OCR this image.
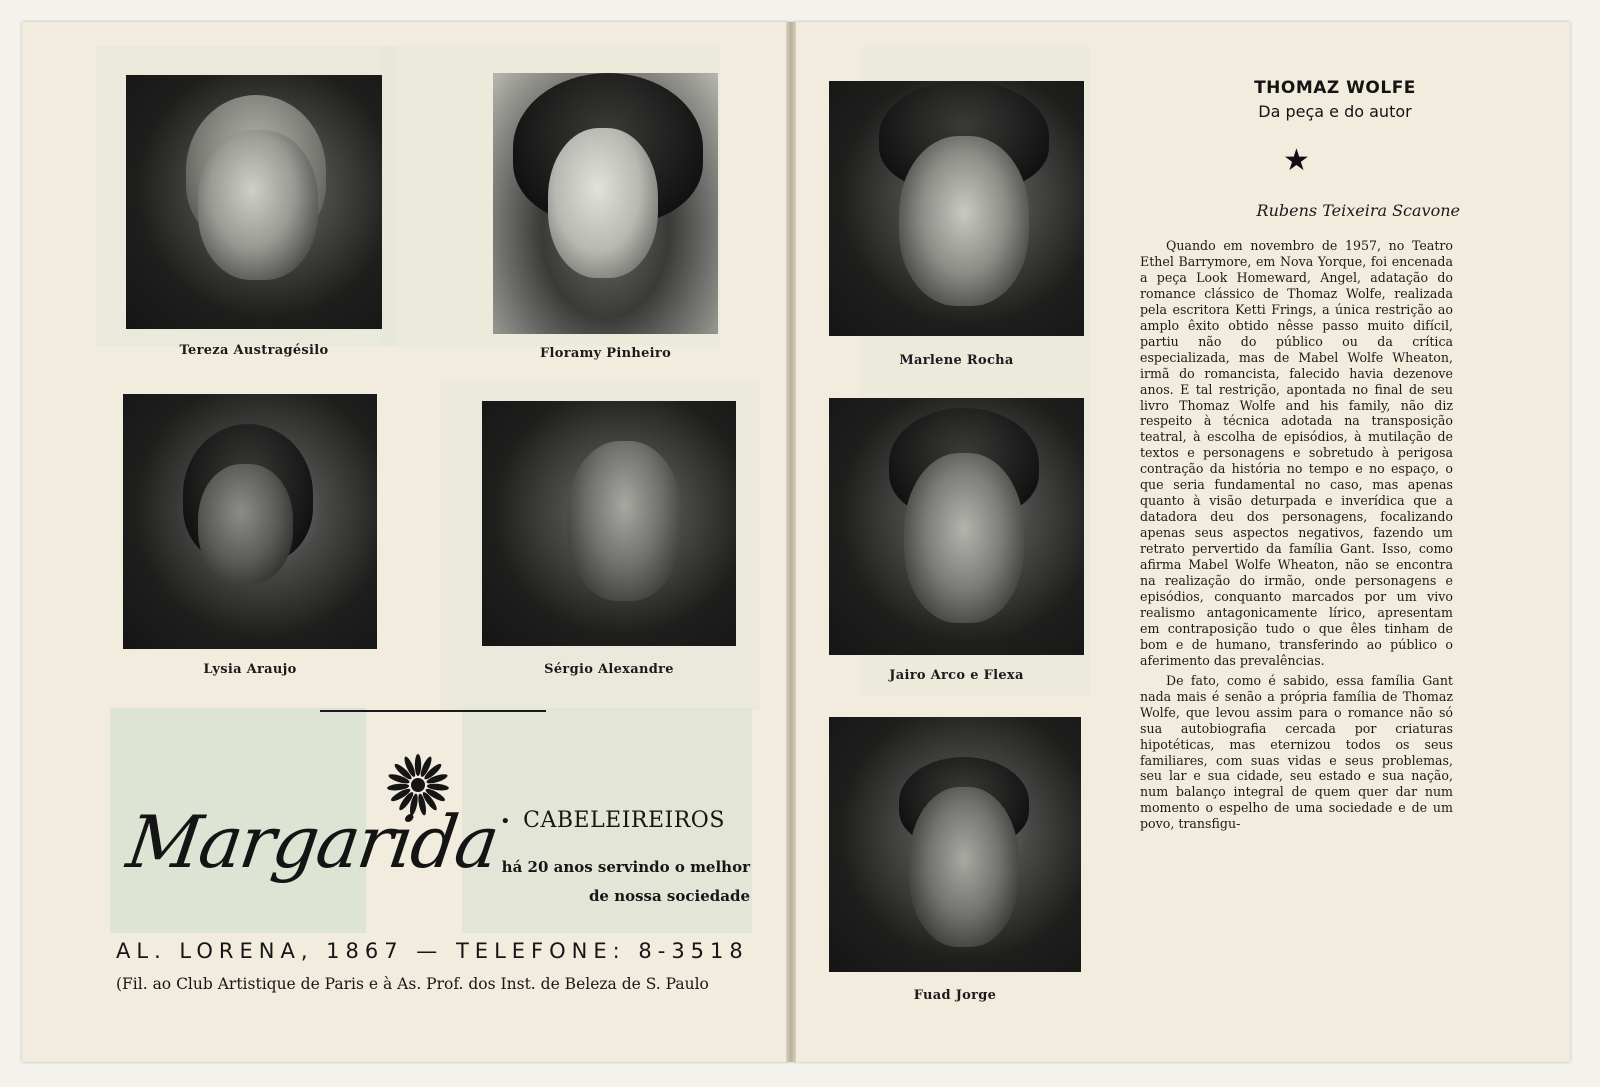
Tereza Austragésilo	Floramy Pinheiro
Lysia Araujo	Sérgio Alexandre
Marlene Rocha
Jairo Arco e Flexa
Fuad Jorge
Margarida
• CABELEIREIROS
há 20 anos servindo o melhor
de nossa sociedade
AL. LORENA, 1867 — TELEFONE: 8-3518
(Fil. ao Club Artistique de Paris e à As. Prof. dos Inst. de Beleza de S. Paulo
THOMAZ WOLFE
Da peça e do autor
★
Rubens Teixeira Scavone

Quando em novembro de 1957, no Teatro Ethel Barrymore, em Nova Yorque, foi encenada a peça Look Homeward, Angel, adatação do romance clássico de Thomaz Wolfe, realizada pela escritora Ketti Frings, a única restrição ao amplo êxito obtido nêsse passo muito difícil, partiu não do público ou da crítica especializada, mas de Mabel Wolfe Wheaton, irmã do romancista, falecido havia dezenove anos. E tal restrição, apontada no final de seu livro Thomaz Wolfe and his family, não diz respeito à técnica adotada na transposição teatral, à escolha de episódios, à mutilação de textos e personagens e sobretudo à perigosa contração da história no tempo e no espaço, o que seria fundamental no caso, mas apenas quanto à visão deturpada e inverídica que a datadora deu dos personagens, focalizando apenas seus aspectos negativos, fazendo um retrato pervertido da família Gant. Isso, como afirma Mabel Wolfe Wheaton, não se encontra na realização do irmão, onde personagens e episódios, conquanto marcados por um vivo realismo antagonicamente lírico, apresentam em contraposição tudo o que êles tinham de bom e de humano, transferindo ao público o aferimento das prevalências.

De fato, como é sabido, essa família Gant nada mais é senão a própria família de Thomaz Wolfe, que levou assim para o romance não só sua autobiografia cercada por criaturas hipotéticas, mas eternizou todos os seus familiares, com suas vidas e seus problemas, seu lar e sua cidade, seu estado e sua nação, num balanço integral de quem quer dar num momento o espelho de uma sociedade e de um povo, transfigu-
